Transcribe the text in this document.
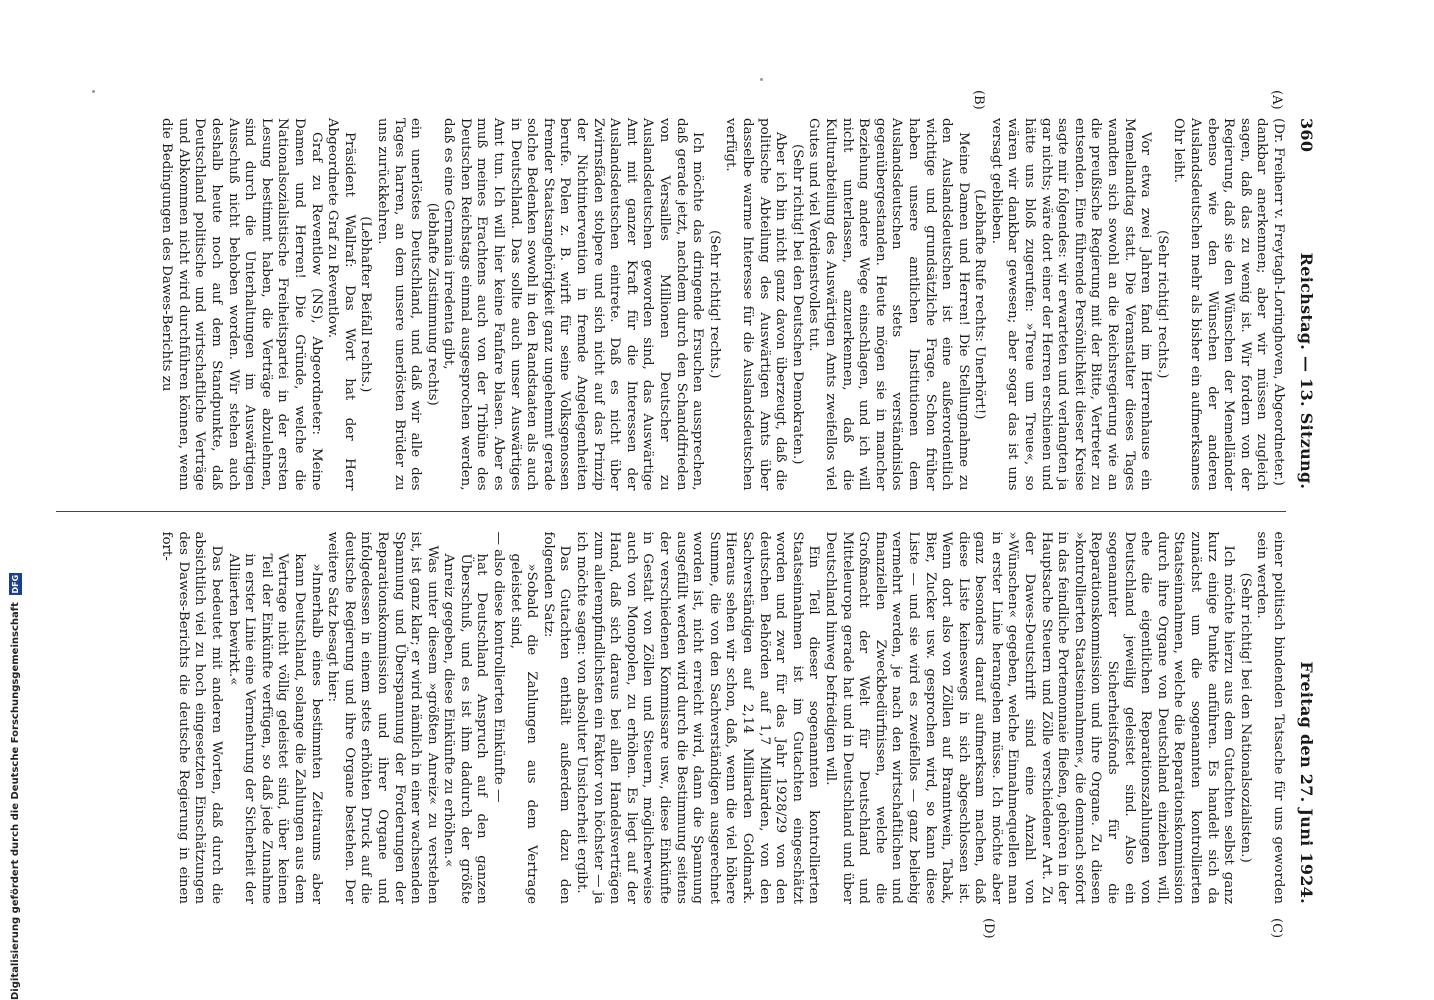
360
Reichstag. — 13. Sitzung.
Freitag den 27. Juni 1924.

(Dr. Freiherr v. Freytagh-Loringhoven, Abgeordneter.)

dankbar anerkennen; aber wir müssen zugleich sagen, daß das zu wenig ist. Wir fordern von der Regierung, daß sie den Wünschen der Memelländer ebenso wie den Wünschen der anderen Auslandsdeutschen mehr als bisher ein aufmerksames Ohr leiht.

(Sehr richtig! rechts.)

Vor etwa zwei Jahren fand im Herrenhause ein Memellandtag statt. Die Veranstalter dieses Tages wandten sich sowohl an die Reichsregierung wie an die preußische Regierung mit der Bitte, Vertreter zu entsenden. Eine führende Persönlichkeit dieser Kreise sagte mir folgendes: wir erwarteten und verlangten ja gar nichts; wäre dort einer der Herren erschienen und hätte uns bloß zugerufen: »Treue um Treue«, so wären wir dankbar gewesen; aber sogar das ist uns versagt geblieben.

(Lebhafte Rufe rechts: Unerhört!)

Meine Damen und Herren! Die Stellungnahme zu den Auslandsdeutschen ist eine außerordentlich wichtige und grundsätzliche Frage. Schon früher haben unsere amtlichen Institutionen dem Auslandsdeutschen stets verständnislos gegenübergestanden. Heute mögen sie in mancher Beziehung andere Wege einschlagen, und ich will nicht unterlassen, anzuerkennen, daß die Kulturabteilung des Auswärtigen Amts zweifellos viel Gutes und viel Verdienstvolles tut.

(Sehr richtig! bei den Deutschen Demokraten.)

Aber ich bin nicht ganz davon überzeugt, daß die politische Abteilung des Auswärtigen Amts über dasselbe warme Interesse für die Auslandsdeutschen verfügt.

(Sehr richtig! rechts.)

Ich möchte das dringende Ersuchen aussprechen, daß gerade jetzt, nachdem durch den Schanddfrieden von Versailles Millionen Deutscher zu Auslandsdeutschen geworden sind, das Auswärtige Amt mit ganzer Kraft für die Interessen der Auslandsdeutschen eintrete. Daß es nicht über Zwirnsfäden stolpere und sich nicht auf das Prinzip der Nichtintervention in fremde Angelegenheiten berufe. Polen z. B. wirft für seine Volksgenossen fremder Staatsangehörigkeit ganz ungehemmt gerade solche Bedenken sowohl in den Randstaaten als auch in Deutschland. Das sollte auch unser Auswärtiges Amt tun. Ich will hier keine Fanfare blasen. Aber es muß meines Erachtens auch von der Tribüne des Deutschen Reichstags einmal ausgesprochen werden, daß es eine Germania irredenta gibt,

(lebhafte Zustimmung rechts)

ein unerlöstes Deutschland, und daß wir alle des Tages harren, an dem unsere unerlösten Brüder zu uns zurückkehren.

(Lebhafter Beifall rechts.)

Präsident Wallraf: Das Wort hat der Herr Abgeordnete Graf zu Reventlow.

Graf zu Reventlow (NS), Abgeordneter: Meine Damen und Herren! Die Gründe, welche die Nationalsozialistische Freiheitspartei in der ersten Lesung bestimmt haben, die Verträge abzulehnen, sind durch die Unterhaltungen im Auswärtigen Ausschuß nicht behoben worden. Wir stehen auch deshalb heute noch auf dem Standpunkte, daß Deutschland politische und wirtschaftliche Verträge und Abkommen nicht wird durchführen können, wenn die Bedingungen des Dawes-Berichts zu

einer politisch bindenden Tatsache für uns geworden sein werden.

(Sehr richtig! bei den Nationalsozialisten.)

Ich möchte hierzu aus dem Gutachten selbst ganz kurz einige Punkte anführen. Es handelt sich da zunächst um die sogenannten kontrollierten Staatseinnahmen, welche die Reparationskommission durch ihre Organe von Deutschland einziehen will, ehe die eigentlichen Reparationszahlungen von Deutschland jeweilig geleistet sind. Also ein sogenannter Sicherheitsfonds für die Reparationskommission und ihre Organe. Zu diesen »kontrollierten Staatseinnahmen«, die demnach sofort in das feindliche Portemonnaie fließen, gehören in der Hauptsache Steuern und Zölle verschiedener Art. Zu der Dawes-Deutschrift sind eine Anzahl von »Wünschen« gegeben, welche Einnahmequellen man in erster Linie herangehen müsse. Ich möchte aber ganz besonders darauf aufmerksam machen, daß diese Liste keineswegs in sich abgeschlossen ist. Wenn dort also von Zöllen auf Branntwein, Tabak, Bier, Zucker usw. gesprochen wird, so kann diese Liste — und sie wird es zweifellos — ganz beliebig vermehrt werden, je nach den wirtschaftlichen und finanziellen Zweckbedürfnissen, welche die Großmacht der Welt für Deutschland und Mitteleuropa gerade hat und in Deutschland und über Deutschland hinweg befriedigen will.

Ein Teil dieser sogenannten kontrollierten Staatseinnahmen ist im Gutachten eingeschätzt worden und zwar für das Jahr 1928/29 von den deutschen Behörden auf 1,7 Milliarden, von den Sachverständigen auf 2,14 Milliarden Goldmark. Hieraus sehen wir schon, daß, wenn die viel höhere Summe, die von den Sachverständigen ausgerechnet worden ist, nicht erreicht wird, dann die Spannung ausgefüllt werden wird durch die Bestimmung seitens der verschiedenen Kommissare usw., diese Einkünfte in Gestalt von Zöllen und Steuern, möglicherweise auch von Monopolen, zu erhöhen. Es liegt auf der Hand, daß sich daraus bei allen Handelsverträgen zum allerempfindlichsten ein Faktor von höchster — ja ich möchte sagen: von absoluter Unsicherheit ergibt.

Das Gutachten enthält außerdem dazu den folgenden Satz:

»Sobald die Zahlungen aus dem Vertrage geleistet sind,

— also diese kontrollierten Einkünfte —

hat Deutschland Anspruch auf den ganzen Überschuß, und es ist ihm dadurch der größte Anreiz gegeben, diese Einkünfte zu erhöhen.«

Was unter diesem »größten Anreiz« zu verstehen ist, ist ganz klar; er wird nämlich in einer wachsenden Spannung und Überspannung der Forderungen der Reparationskommission und ihrer Organe und infolgedessen in einem stets erhöhten Druck auf die deutsche Regierung und ihre Organe bestehen. Der weitere Satz besagt hier:

»Innerhalb eines bestimmten Zeitraums aber kann Deutschland, solange die Zahlungen aus dem Vertrage nicht völlig geleistet sind, über keinen Teil der Einkünfte verfügen, so daß jede Zunahme in erster Linie eine Vermehrung der Sicherheit der Alliierten bewirkt.«

Das bedeutet mit anderen Worten, daß durch die absichtlich viel zu hoch eingesetzten Einschätzungen des Dawes-Berichts die deutsche Regierung in einen fort-

(A)
(B)
(C)
(D)
Digitalisierung gefördert durch die Deutsche Forschungsgemeinschaft
DFG
